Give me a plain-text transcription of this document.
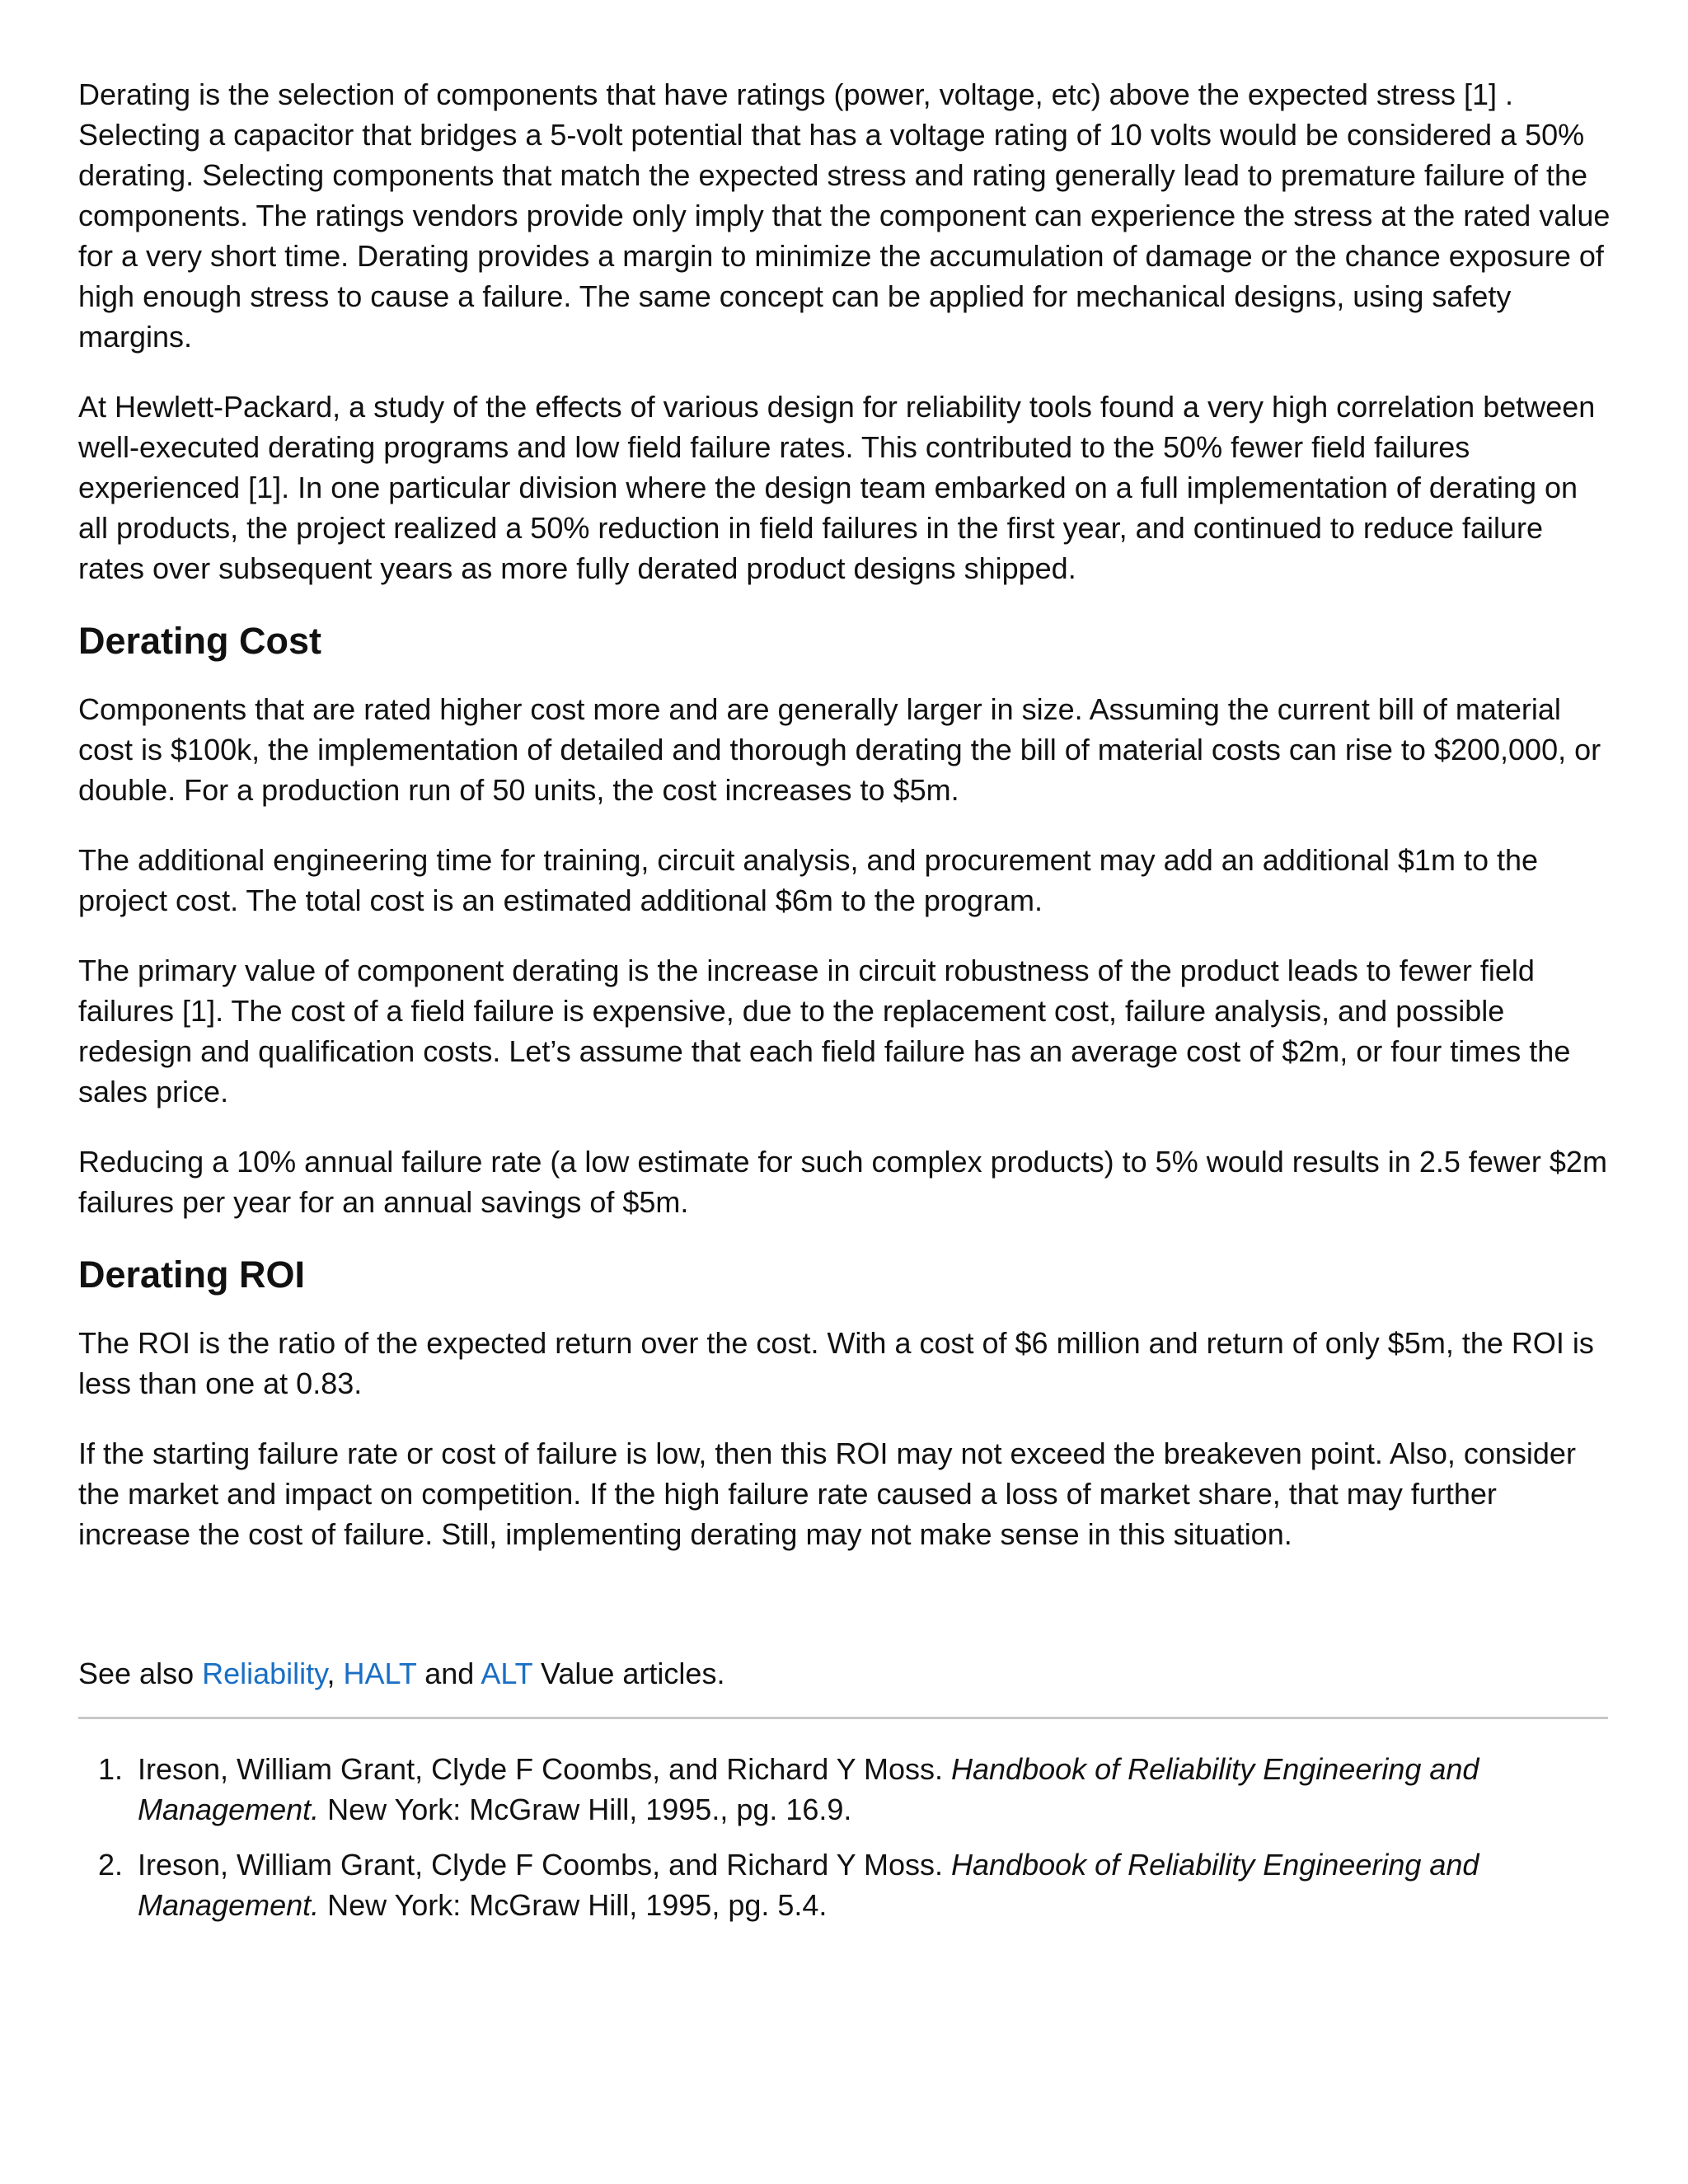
Derating is the selection of components that have ratings (power, voltage, etc) above the expected stress [1] . Selecting a capacitor that bridges a 5-volt potential that has a voltage rating of 10 volts would be considered a 50% derating. Selecting components that match the expected stress and rating generally lead to premature failure of the components. The ratings vendors provide only imply that the component can experience the stress at the rated value for a very short time. Derating provides a margin to minimize the accumulation of damage or the chance exposure of high enough stress to cause a failure. The same concept can be applied for mechanical designs, using safety margins.

At Hewlett-Packard, a study of the effects of various design for reliability tools found a very high correlation between well-executed derating programs and low field failure rates. This contributed to the 50% fewer field failures experienced [1]. In one particular division where the design team embarked on a full implementation of derating on all products, the project realized a 50% reduction in field failures in the first year, and continued to reduce failure rates over subsequent years as more fully derated product designs shipped.

Derating Cost

Components that are rated higher cost more and are generally larger in size. Assuming the current bill of material cost is $100k, the implementation of detailed and thorough derating the bill of material costs can rise to $200,000, or double. For a production run of 50 units, the cost increases to $5m.

The additional engineering time for training, circuit analysis, and procurement may add an additional $1m to the project cost. The total cost is an estimated additional $6m to the program.

The primary value of component derating is the increase in circuit robustness of the product leads to fewer field failures [1]. The cost of a field failure is expensive, due to the replacement cost, failure analysis, and possible redesign and qualification costs. Let’s assume that each field failure has an average cost of $2m, or four times the sales price.

Reducing a 10% annual failure rate (a low estimate for such complex products) to 5% would results in 2.5 fewer $2m failures per year for an annual savings of $5m.

Derating ROI

The ROI is the ratio of the expected return over the cost. With a cost of $6 million and return of only $5m, the ROI is less than one at 0.83.

If the starting failure rate or cost of failure is low, then this ROI may not exceed the breakeven point. Also, consider the market and impact on competition. If the high failure rate caused a loss of market share, that may further increase the cost of failure. Still, implementing derating may not make sense in this situation.

See also Reliability, HALT and ALT Value articles.

1. Ireson, William Grant, Clyde F Coombs, and Richard Y Moss. Handbook of Reliability Engineering and Management. New York: McGraw Hill, 1995., pg. 16.9.
2. Ireson, William Grant, Clyde F Coombs, and Richard Y Moss. Handbook of Reliability Engineering and Management. New York: McGraw Hill, 1995, pg. 5.4.
